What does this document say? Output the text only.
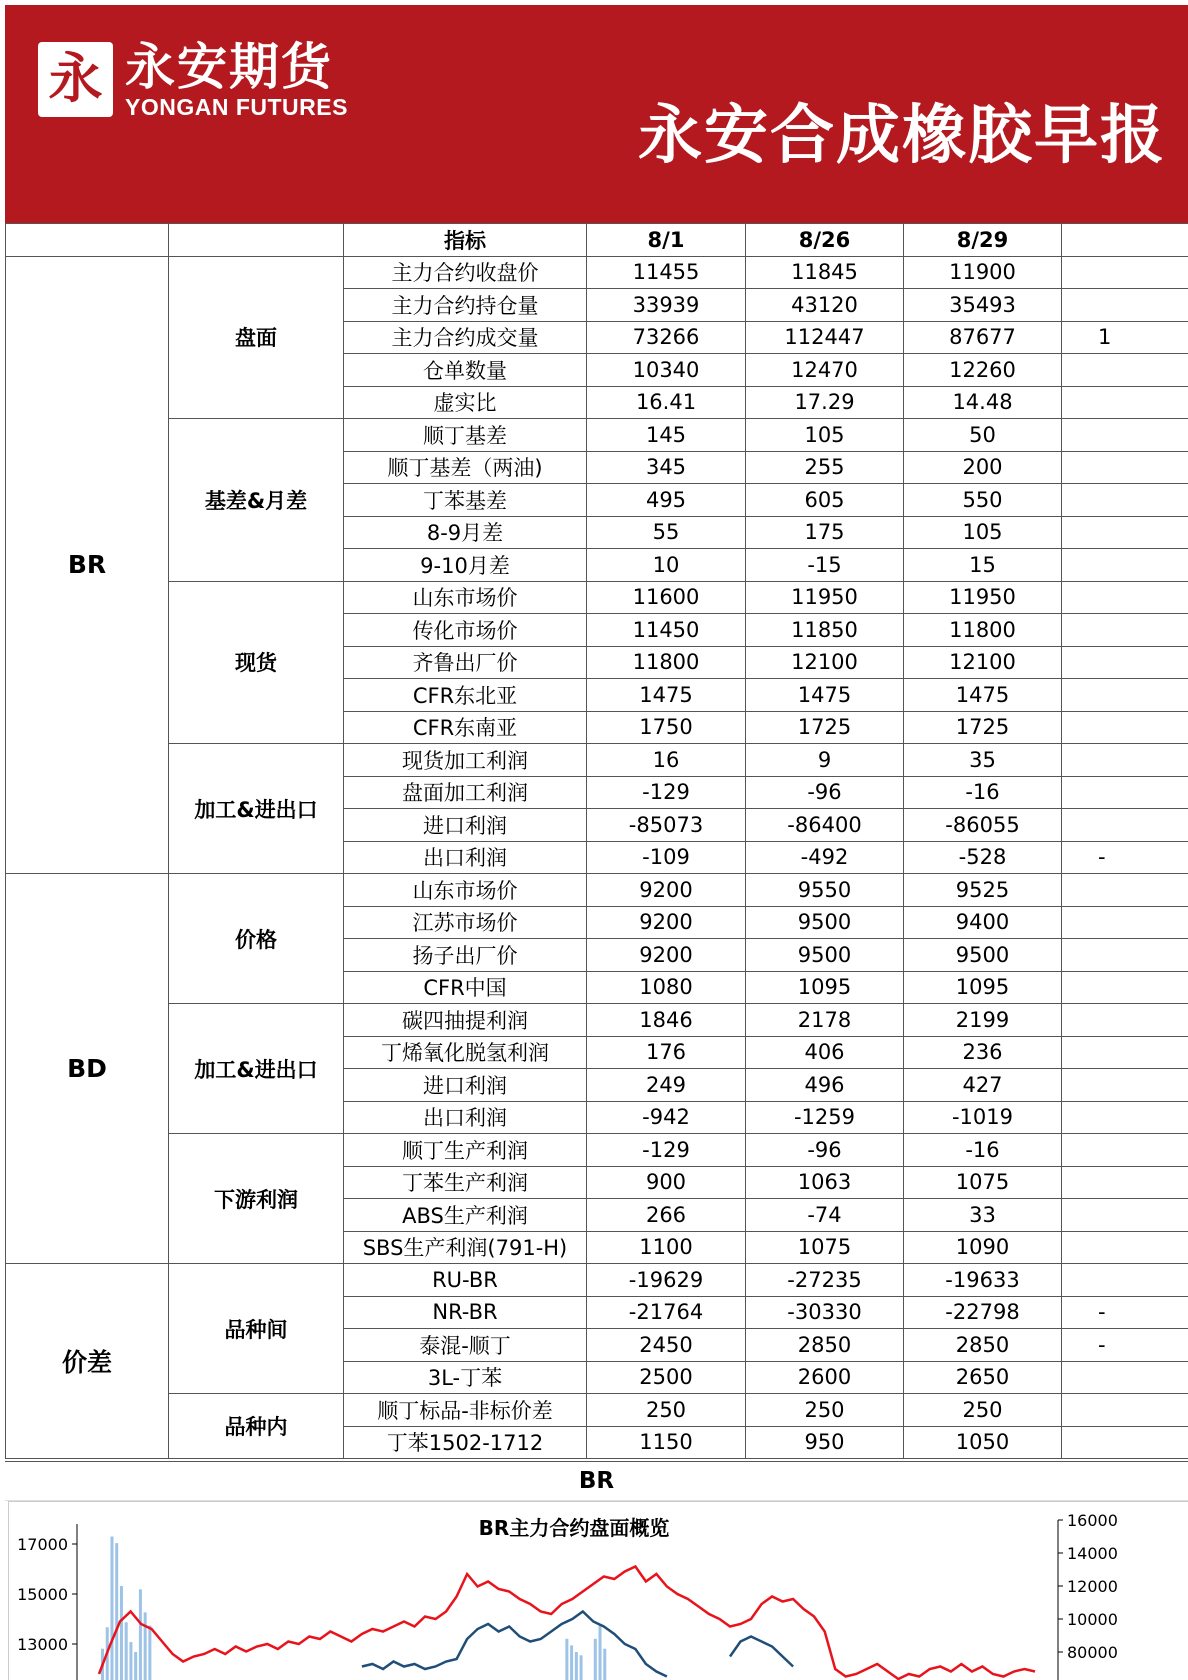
永 永安期货
YONGAN FUTURES	永安合成橡胶早报
		指标	8/1	8/26	8/29	
BR	盘面	主力合约收盘价	11455	11845	11900	
		主力合约持仓量	33939	43120	35493	
		主力合约成交量	73266	112447	87677	1
		仓单数量	10340	12470	12260	
		虚实比	16.41	17.29	14.48	
	基差&月差	顺丁基差	145	105	50	
		顺丁基差（两油)	345	255	200	
		丁苯基差	495	605	550	
		8-9月差	55	175	105	
		9-10月差	10	-15	15	
	现货	山东市场价	11600	11950	11950	
		传化市场价	11450	11850	11800	
		齐鲁出厂价	11800	12100	12100	
		CFR东北亚	1475	1475	1475	
		CFR东南亚	1750	1725	1725	
	加工&进出口	现货加工利润	16	9	35	
		盘面加工利润	-129	-96	-16	
		进口利润	-85073	-86400	-86055	
		出口利润	-109	-492	-528	-
BD	价格	山东市场价	9200	9550	9525	
		江苏市场价	9200	9500	9400	
		扬子出厂价	9200	9500	9500	
		CFR中国	1080	1095	1095	
	加工&进出口	碳四抽提利润	1846	2178	2199	
		丁烯氧化脱氢利润	176	406	236	
		进口利润	249	496	427	
		出口利润	-942	-1259	-1019	
	下游利润	顺丁生产利润	-129	-96	-16	
		丁苯生产利润	900	1063	1075	
		ABS生产利润	266	-74	33	
		SBS生产利润(791-H)	1100	1075	1090	
价差	品种间	RU-BR	-19629	-27235	-19633	
		NR-BR	-21764	-30330	-22798	-
		泰混-顺丁	2450	2850	2850	-
		3L-丁苯	2500	2600	2650	
	品种内	顺丁标品-非标价差	250	250	250	
		丁苯1502-1712	1150	950	1050	
BR
BR主力合约盘面概览
17000
15000
13000
16000
14000
12000
10000
80000
